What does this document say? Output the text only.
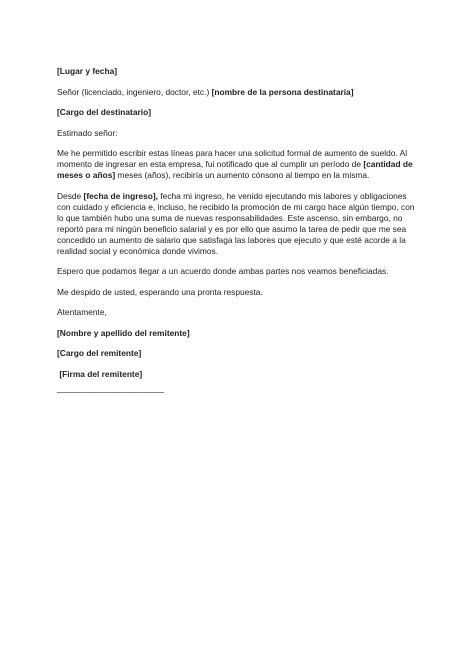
[Lugar y fecha]

Señor (licenciado, ingeniero, doctor, etc.) [nombre de la persona destinataria]

[Cargo del destinatario]

Estimado señor:

Me he permitido escribir estas líneas para hacer una solicitud formal de aumento de sueldo. Al momento de ingresar en esta empresa, fui notificado que al cumplir un período de [cantidad de meses o años] meses (años), recibiría un aumento cónsono al tiempo en la misma.

Desde [fecha de ingreso], fecha mi ingreso, he venido ejecutando mis labores y obligaciones con cuidado y eficiencia e, incluso, he recibido la promoción de mi cargo hace algún tiempo, con lo que también hubo una suma de nuevas responsabilidades. Este ascenso, sin embargo, no reportó para mi ningún beneficio salarial y es por ello que asumo la tarea de pedir que me sea concedido un aumento de salario que satisfaga las labores que ejecuto y que esté acorde a la realidad social y económica donde vivimos.

Espero que podamos llegar a un acuerdo donde ambas partes nos veamos beneficiadas.

Me despido de usted, esperando una pronta respuesta.

Atentamente,

[Nombre y apellido del remitente]

[Cargo del remitente]

[Firma del remitente]

________________________
